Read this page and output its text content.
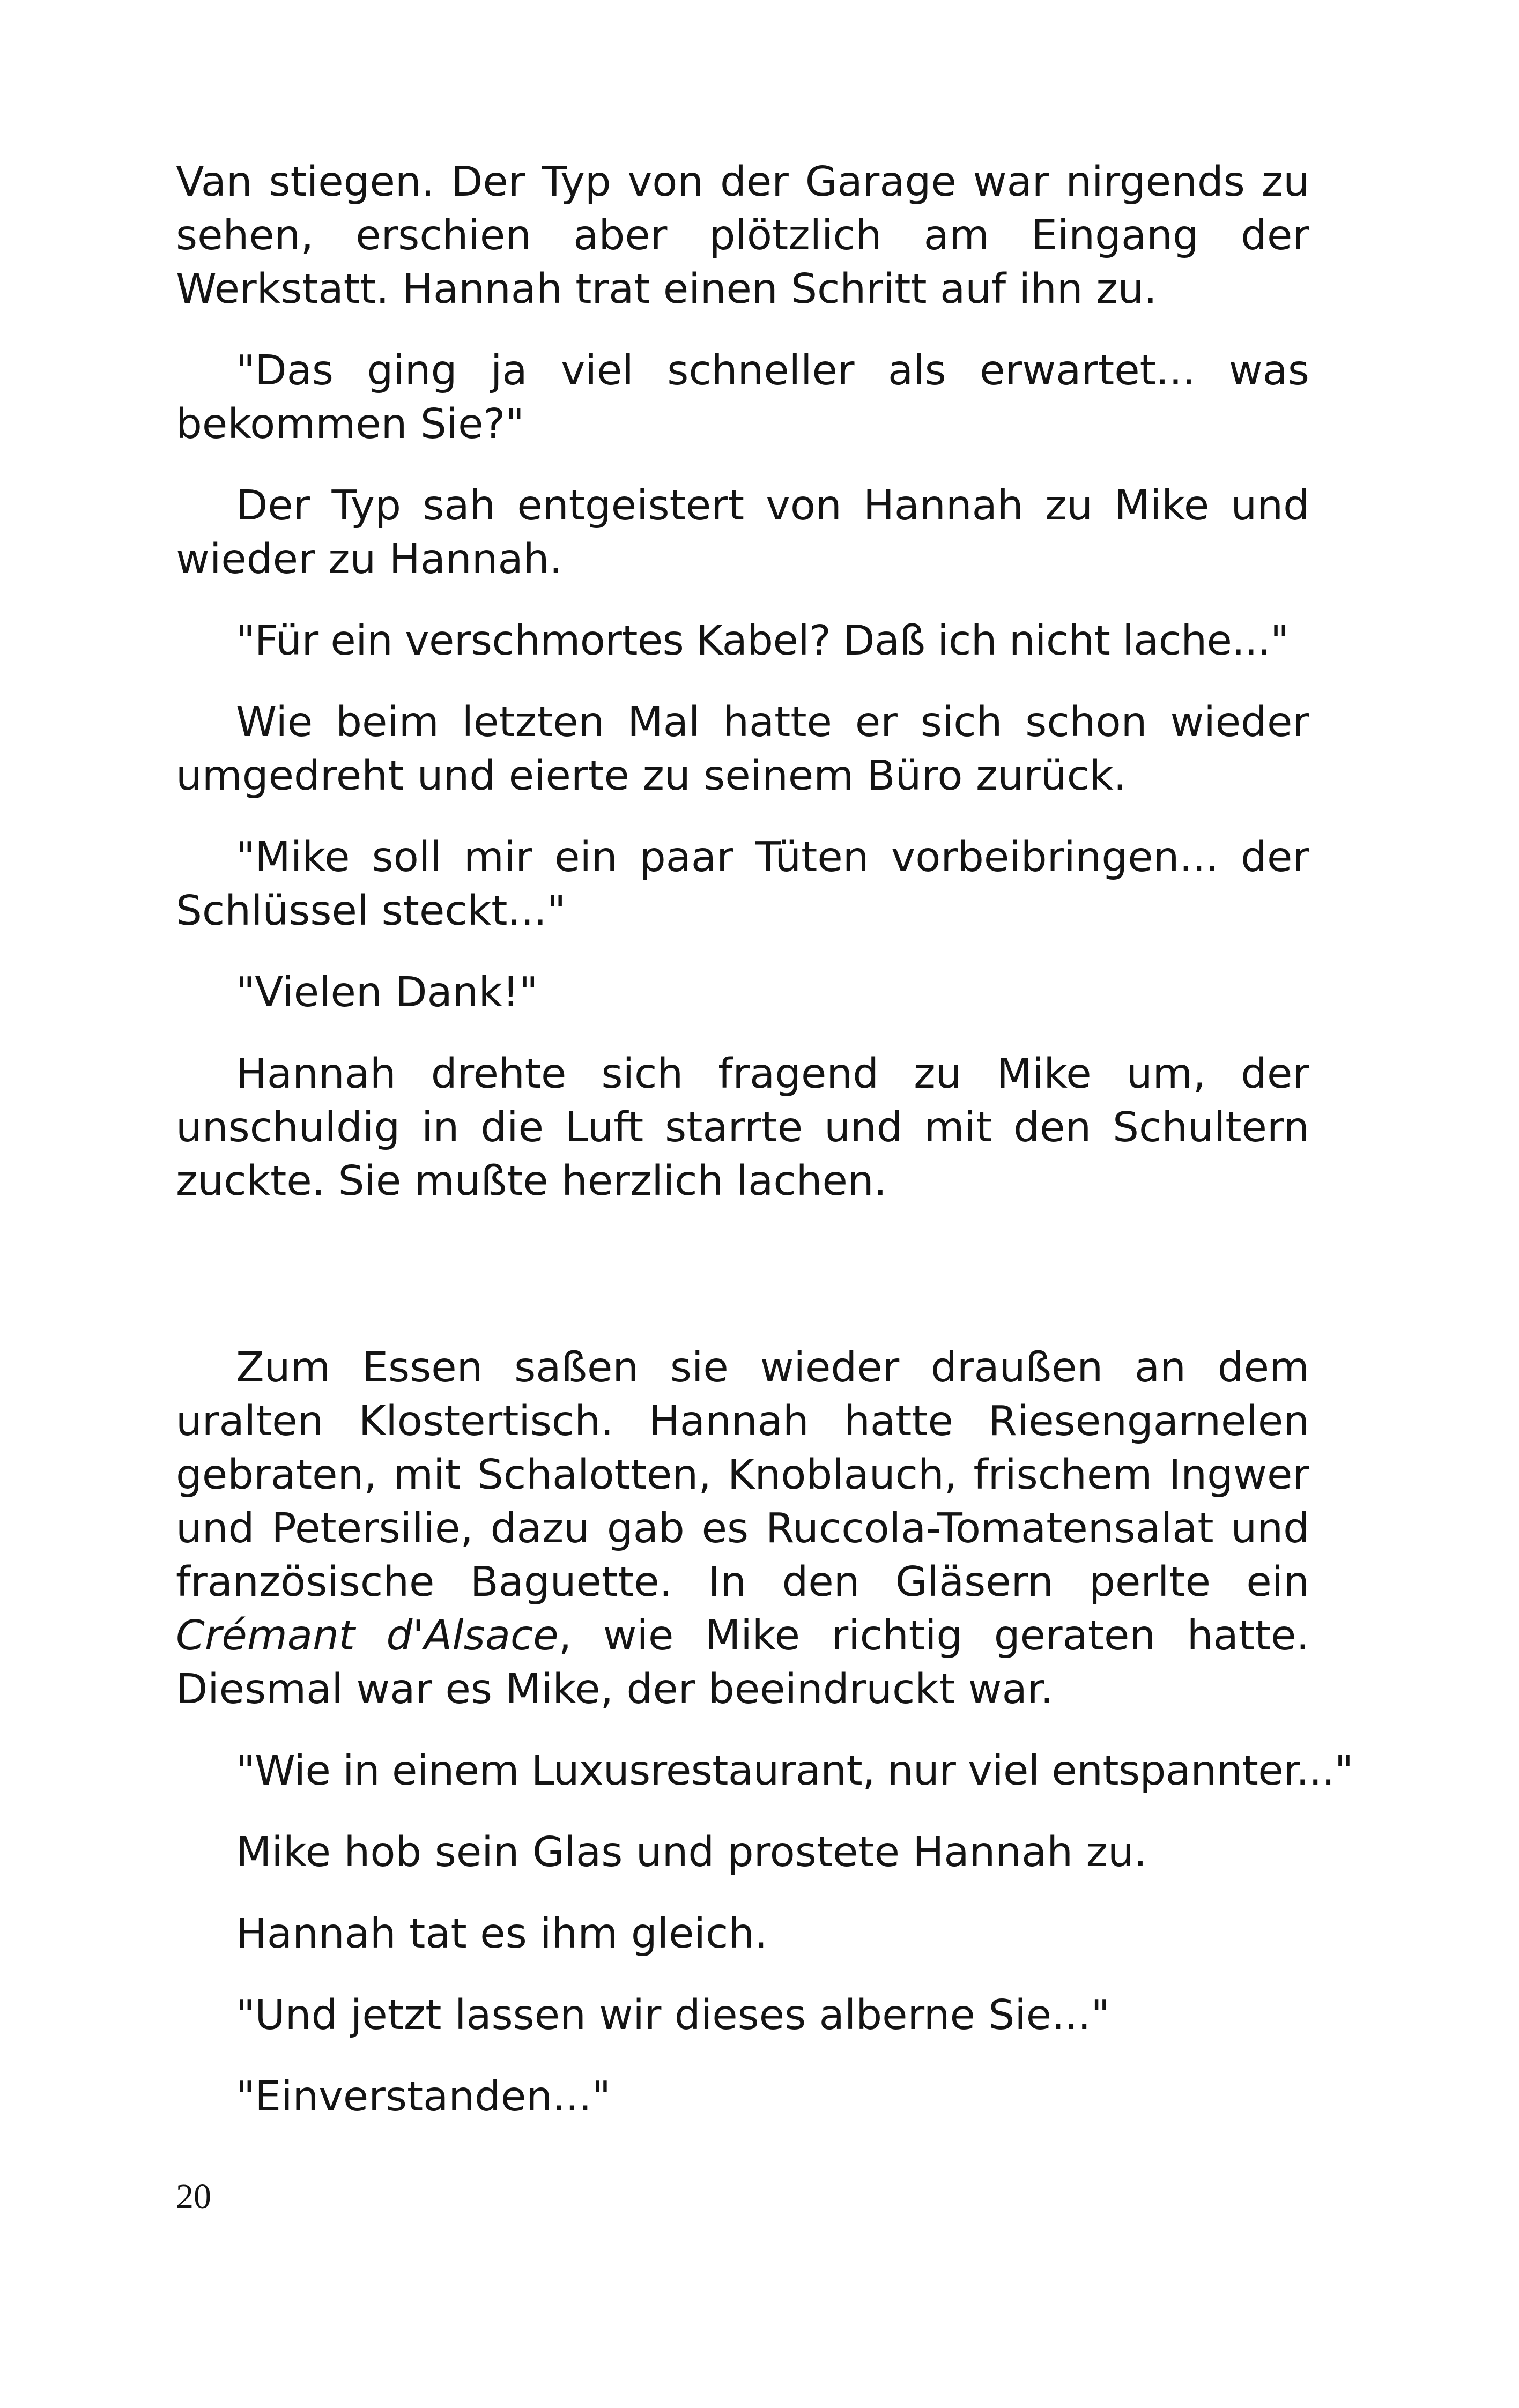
Van stiegen. Der Typ von der Garage war nirgends zu sehen, erschien aber plötzlich am Eingang der Werkstatt. Hannah trat einen Schritt auf ihn zu.

"Das ging ja viel schneller als erwartet... was bekommen Sie?"

Der Typ sah entgeistert von Hannah zu Mike und wieder zu Hannah.

"Für ein verschmortes Kabel? Daß ich nicht lache..."

Wie beim letzten Mal hatte er sich schon wieder umgedreht und eierte zu seinem Büro zurück.

"Mike soll mir ein paar Tüten vorbeibringen... der Schlüssel steckt..."

"Vielen Dank!"

Hannah drehte sich fragend zu Mike um, der unschuldig in die Luft starrte und mit den Schultern zuckte. Sie mußte herzlich lachen.

Zum Essen saßen sie wieder draußen an dem uralten Klostertisch. Hannah hatte Riesengarnelen gebraten, mit Schalotten, Knoblauch, frischem Ingwer und Petersilie, dazu gab es Ruccola-Tomatensalat und französische Baguette. In den Gläsern perlte ein Crémant d'Alsace, wie Mike richtig geraten hatte. Diesmal war es Mike, der beeindruckt war.

"Wie in einem Luxusrestaurant, nur viel entspannter..."

Mike hob sein Glas und prostete Hannah zu.

Hannah tat es ihm gleich.

"Und jetzt lassen wir dieses alberne Sie..."

"Einverstanden..."

20
